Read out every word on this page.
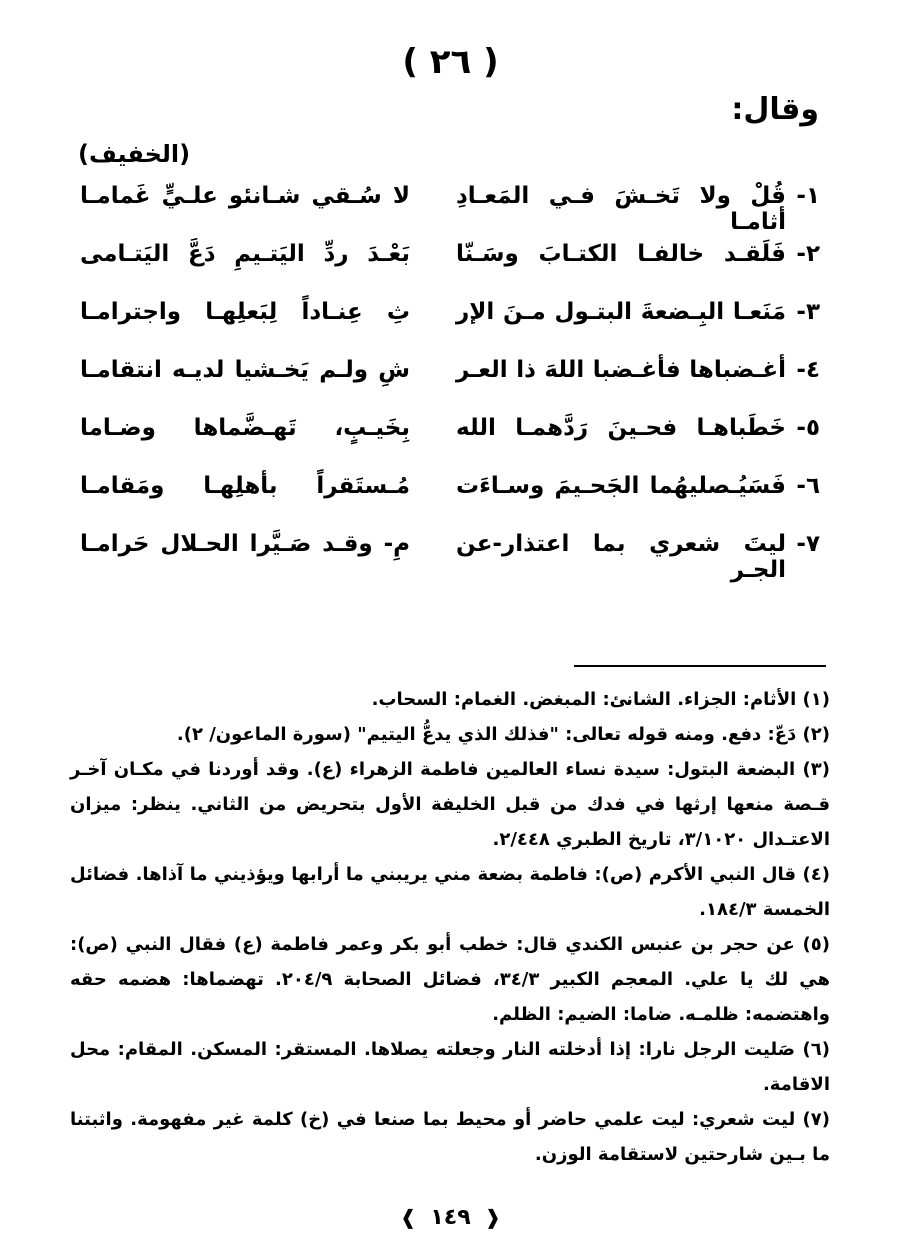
( ٢٦ )
وقال:
(الخفيف)
١-
قُلْ ولا تَخـشَ فـي المَعـادِ أثامـا
لا سُـقي شـانئو علـيٍّ غَمامـا
٢-
فَلَقـد خالفـا الكتـابَ وسَـنّا
بَعْـدَ ردِّ اليَتـيمِ دَعَّ اليَتـامى
٣-
مَنَعـا البِـضعةَ البتـول مـنَ الإر
ثِ عِنـاداً لِبَعلِهـا واجترامـا
٤-
أغـضباها فأغـضبا اللهَ ذا العـر
شِ ولـم يَخـشيا لديـه انتقامـا
٥-
خَطَباهـا فحـينَ رَدَّهمـا الله
بِخَيـبٍ، تَهـضَّماها وضـاما
٦-
فَسَيُـصليهُما الجَحـيمَ وسـاءَت
مُـستَقراً بأهلِهـا ومَقامـا
٧-
ليتَ شعري بما اعتذار-عن الجـر
مِ- وقـد صَـيَّرا الحـلال حَرامـا

(١) الأثام: الجزاء. الشانئ: المبغض. الغمام: السحاب.

(٢) دَعّ: دفع. ومنه قوله تعالى: "فذلك الذي يدعُّ اليتيم" (سورة الماعون/ ٢).

(٣) البضعة البتول: سيدة نساء العالمين فاطمة الزهراء (ع). وقد أوردنا في مكـان آخـر قـصة منعها إرثها في فدك من قبل الخليفة الأول بتحريض من الثاني. ينظر: ميزان الاعتـدال ٣/١٠٢٠، تاريخ الطبري ٢/٤٤٨.

(٤) قال النبي الأكرم (ص): فاطمة بضعة مني يريبني ما أرابها ويؤذيني ما آذاها. فضائل الخمسة ١٨٤/٣.

(٥) عن حجر بن عنبس الكندي قال: خطب أبو بكر وعمر فاطمة (ع) فقال النبي (ص): هي لك يا علي. المعجم الكبير ٣٤/٣، فضائل الصحابة ٢٠٤/٩. تهضماها: هضمه حقه واهتضمه: ظلمـه. ضاما: الضيم: الظلم.

(٦) صَليت الرجل نارا: إذا أدخلته النار وجعلته يصلاها. المستقر: المسكن. المقام: محل الاقامة.

(٧) ليت شعري: ليت علمي حاضر أو محيط بما صنعا في (خ) كلمة غير مفهومة. واثبتنا ما بـين شارحتين لاستقامة الوزن.

❰ ١٤٩ ❱
